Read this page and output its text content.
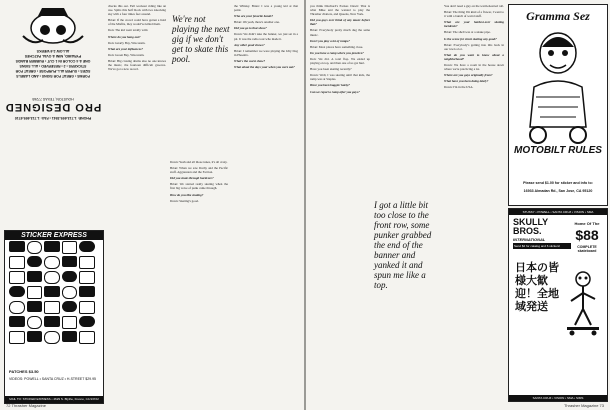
FORMS • GREAT FOR SIGNS • AND LABELS
SIZES • SUPER ALL-PURPOSE • GREAT FOR
STICKERS • 2 • RESERVED • ALL SIGNS
ONE & 4 COLOR IN 1 CUT • RUBBER BANDS
PYRAMID, MINI & OVAL PATCHES
ALLOW 2-6 WEEKS
PHONE: 1-713-695-3541 • FAX: 1-713-695-6710
PRO DESIGNED
HOUSTON, TEXAS 77265
STICKER EXPRESS
PATCHES $3.50
VIDEOS: POWELL • SANTA CRUZ • H-STREET $29.95
MAIL TO: STICKER EXPRESS • 4629 S. Blythe, Fresno, CA 93722

checks this out. Full workout riding like an axe. Splits this half block with two knocking sky with a four times feet around.

Brian: If the crowd could have gotten a hold of the Misfits, they would've killed them.

Don: The kid went totally wild.

Where do you hang out?

Don: Gnarly Bay, Wisconsin.

What are your influences?

Don: Green Bay, Wisconsin.

Brian: Big crusing drums also no one knows the music, the fourteen difficult grooves. We've got a new record.

Dawn: Yeah and all those tunes, it's all crazy.

Brian: When we saw Darby and the Pacific stuff. Aggression and the Faction.

Did you skate through hardcore?

Brian: We started really skating when the first big wave of punk came through.

How do you like skating?

Dawn: Skating's good.

We're not playing the next gig if we don't get to skate this pool.

the Whisky. Brian: I was a young kid at that point.

Who are your favorite bands?

Brian: Oh yeah, there's another one.

Did you go to that show?

Dawn: We didn't take the banner, we just sat in a pit. It was the radio tour who made it.

Any other good shows?

Brian: I remember we were playing the Ichy Dog in Phoenix.

What's the worst show?

What about the days your when you were out?

72 Thrasher Magazine

you think Dischord's Packer. Dawn: That is what Mike and the wanted to play the Thrasher chatters, and Queens, New York.

Did you guys ever think of any music before that?

Brian: Everybody pretty much dug the same music.

Don't you play a lot of ramps?

Brian: Most places have something close.

Do you have a ramp where you practice?

Don: We did. A total flop. We ended up playing on top, and then one of us got hurt.

Have you been skating recently?

Dawn: Well, I was skating until that kids, the ramp was at Staples.

Have you been buggin' lately?

Can we report a ramp after you guys?

I got a little bit too close to the front row, some punker grabbed the end of the banner and yanked it and spun me like a top.

You don't need a guy on the warm-hearted roll.

Brian: The thing I'm kind of a flower, I went to it with a bunch of weird stuff.

What are your hardest-ever skating incidents?

Brian: The shell was at a snake pipe.

Is the scene for street skating any good?

Brian: Everybody's getting into this back in our town a lot.

What do you want to know about a neighborhood?

Dawn: We have a room in the house down where we're practicing a lot.

Where are you guys originally from?

What have you been doing lately?

Dawn: I'm in the USA.

Gramma Sez
MOTOBILT RULES
Please send $1.00 for sticker and info to:
16933 Almadan Rd., San Jose, CA 95120
STUSSY • POWELL • SANTA CRUZ • VISION • SMA
SKULLY BROS.
INTERNATIONAL
Send $2 for catalog and 6 stickers!
Home Of The
$88
COMPLETE skateboard
日本の皆様大歓迎！全地域発送
SANTA CRUZ • VISION • SMA • SIMS
Thrasher Magazine 73
